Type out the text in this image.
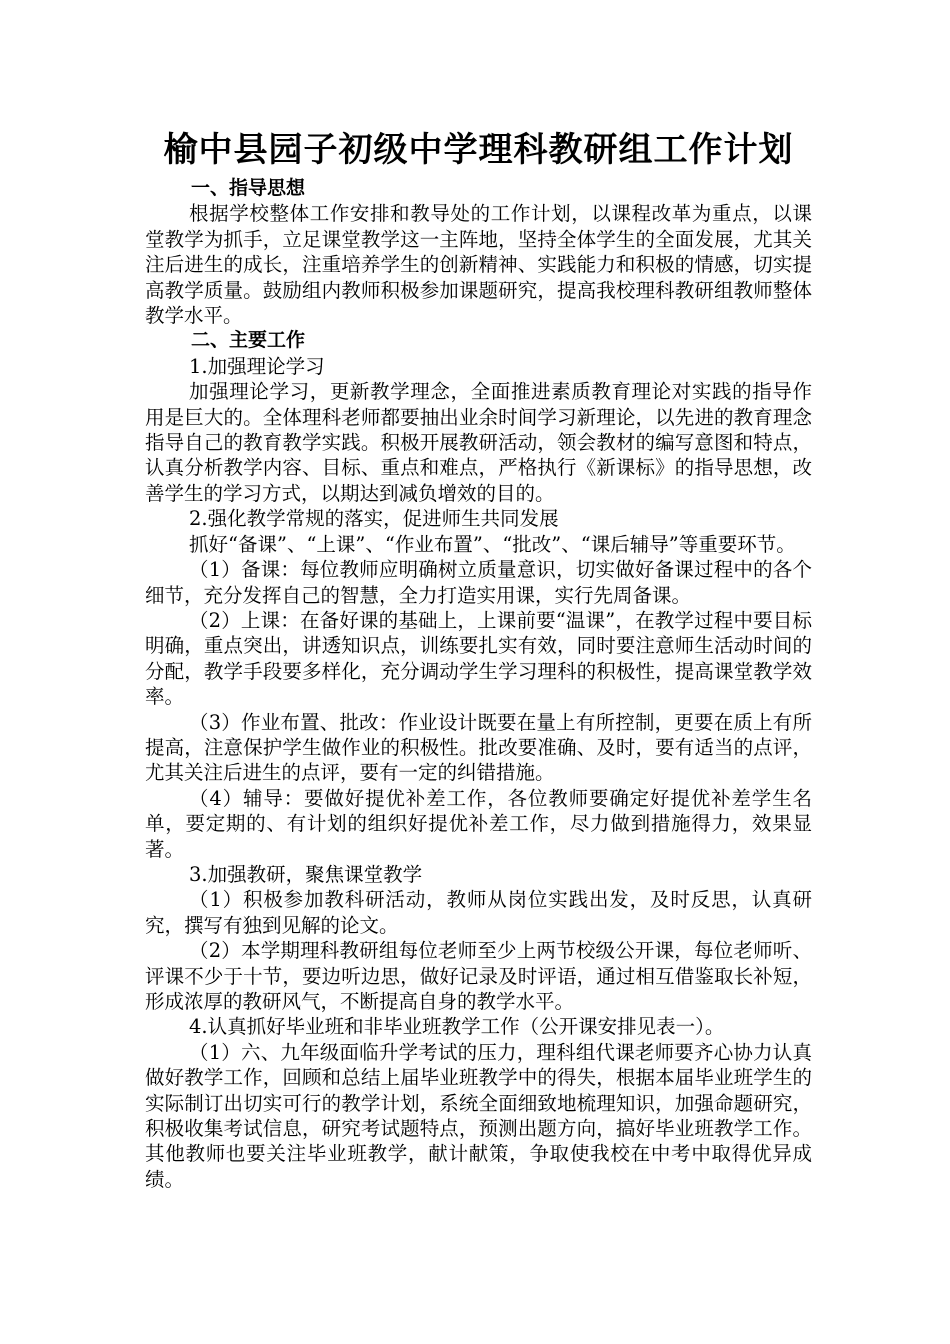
榆中县园子初级中学理科教研组工作计划
一、指导思想

根据学校整体工作安排和教导处的工作计划，以课程改革为重点，以课堂教学为抓手，立足课堂教学这一主阵地，坚持全体学生的全面发展，尤其关注后进生的成长，注重培养学生的创新精神、实践能力和积极的情感，切实提高教学质量。鼓励组内教师积极参加课题研究，提高我校理科教研组教师整体教学水平。

二、主要工作

1.加强理论学习

加强理论学习，更新教学理念，全面推进素质教育理论对实践的指导作用是巨大的。全体理科老师都要抽出业余时间学习新理论，以先进的教育理念指导自己的教育教学实践。积极开展教研活动，领会教材的编写意图和特点，认真分析教学内容、目标、重点和难点，严格执行《新课标》的指导思想，改善学生的学习方式，以期达到减负增效的目的。

2.强化教学常规的落实，促进师生共同发展

抓好“备课”、“上课”、“作业布置”、“批改”、“课后辅导”等重要环节。

（1）备课：每位教师应明确树立质量意识，切实做好备课过程中的各个细节，充分发挥自己的智慧，全力打造实用课，实行先周备课。

（2）上课：在备好课的基础上，上课前要“温课”，在教学过程中要目标明确，重点突出，讲透知识点，训练要扎实有效，同时要注意师生活动时间的分配，教学手段要多样化，充分调动学生学习理科的积极性，提高课堂教学效率。

（3）作业布置、批改：作业设计既要在量上有所控制，更要在质上有所提高，注意保护学生做作业的积极性。批改要准确、及时，要有适当的点评，尤其关注后进生的点评，要有一定的纠错措施。

（4）辅导：要做好提优补差工作，各位教师要确定好提优补差学生名单，要定期的、有计划的组织好提优补差工作，尽力做到措施得力，效果显著。

3.加强教研，聚焦课堂教学

（1）积极参加教科研活动，教师从岗位实践出发，及时反思，认真研究，撰写有独到见解的论文。

（2）本学期理科教研组每位老师至少上两节校级公开课，每位老师听、评课不少于十节，要边听边思，做好记录及时评语，通过相互借鉴取长补短，形成浓厚的教研风气，不断提高自身的教学水平。

4.认真抓好毕业班和非毕业班教学工作（公开课安排见表一）。

（1）六、九年级面临升学考试的压力，理科组代课老师要齐心协力认真做好教学工作，回顾和总结上届毕业班教学中的得失，根据本届毕业班学生的实际制订出切实可行的教学计划，系统全面细致地梳理知识，加强命题研究，积极收集考试信息，研究考试题特点，预测出题方向，搞好毕业班教学工作。其他教师也要关注毕业班教学，献计献策，争取使我校在中考中取得优异成绩。
